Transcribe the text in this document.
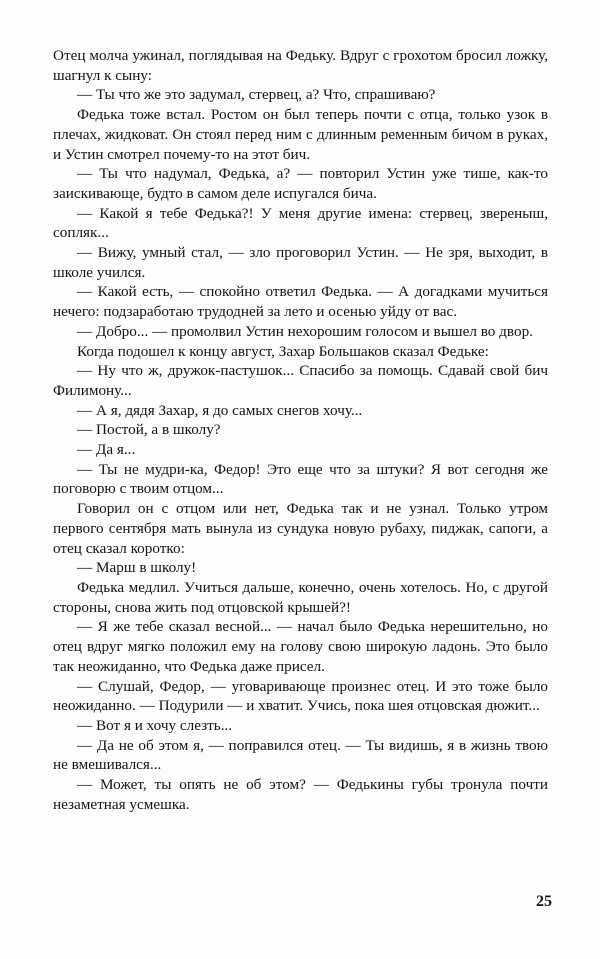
Отец молча ужинал, поглядывая на Федьку. Вдруг с грохотом бросил ложку, шагнул к сыну:

— Ты что же это задумал, стервец, а? Что, спрашиваю?

Федька тоже встал. Ростом он был теперь почти с отца, только узок в плечах, жидковат. Он стоял перед ним с длинным ременным бичом в руках, и Устин смотрел почему-то на этот бич.

— Ты что надумал, Федька, а? — повторил Устин уже тише, как-то заискивающе, будто в самом деле испугался бича.

— Какой я тебе Федька?! У меня другие имена: стервец, звереныш, сопляк...

— Вижу, умный стал, — зло проговорил Устин. — Не зря, выходит, в школе учился.

— Какой есть, — спокойно ответил Федька. — А догадками мучиться нечего: подзаработаю трудодней за лето и осенью уйду от вас.

— Добро... — промолвил Устин нехорошим голосом и вышел во двор.

Когда подошел к концу август, Захар Большаков сказал Федьке:

— Ну что ж, дружок-пастушок... Спасибо за помощь. Сдавай свой бич Филимону...

— А я, дядя Захар, я до самых снегов хочу...

— Постой, а в школу?

— Да я...

— Ты не мудри-ка, Федор! Это еще что за штуки? Я вот сегодня же поговорю с твоим отцом...

Говорил он с отцом или нет, Федька так и не узнал. Только утром первого сентября мать вынула из сундука новую рубаху, пиджак, сапоги, а отец сказал коротко:

— Марш в школу!

Федька медлил. Учиться дальше, конечно, очень хотелось. Но, с другой стороны, снова жить под отцовской крышей?!

— Я же тебе сказал весной... — начал было Федька нерешительно, но отец вдруг мягко положил ему на голову свою широкую ладонь. Это было так неожиданно, что Федька даже присел.

— Слушай, Федор, — уговаривающе произнес отец. И это тоже было неожиданно. — Подурили — и хватит. Учись, пока шея отцовская дюжит...

— Вот я и хочу слезть...

— Да не об этом я, — поправился отец. — Ты видишь, я в жизнь твою не вмешивался...

— Может, ты опять не об этом? — Федькины губы тронула почти незаметная усмешка.

25
